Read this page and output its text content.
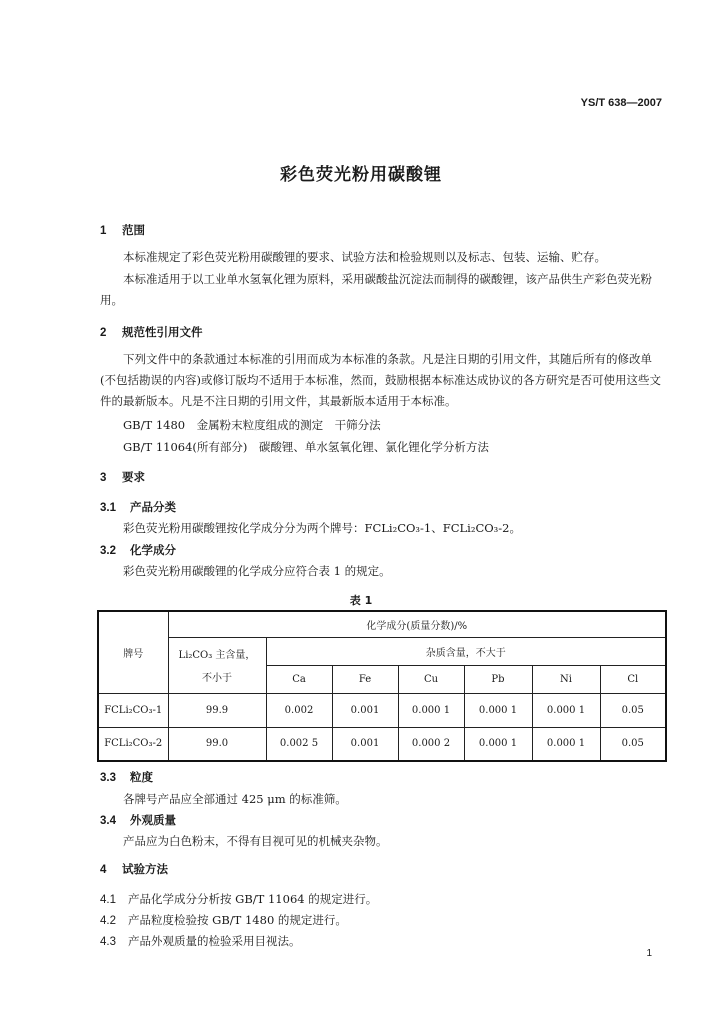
YS/T 638—2007
彩色荧光粉用碳酸锂
1 范围
本标准规定了彩色荧光粉用碳酸锂的要求、试验方法和检验规则以及标志、包装、运输、贮存。
本标准适用于以工业单水氢氧化锂为原料，采用碳酸盐沉淀法而制得的碳酸锂，该产品供生产彩色荧光粉用。
2 规范性引用文件
下列文件中的条款通过本标准的引用而成为本标准的条款。凡是注日期的引用文件，其随后所有的修改单(不包括勘误的内容)或修订版均不适用于本标准，然而，鼓励根据本标准达成协议的各方研究是否可使用这些文件的最新版本。凡是不注日期的引用文件，其最新版本适用于本标准。
GB/T 1480　金属粉末粒度组成的测定　干筛分法
GB/T 11064(所有部分)　碳酸锂、单水氢氧化锂、氯化锂化学分析方法
3 要求
3.1 产品分类
彩色荧光粉用碳酸锂按化学成分分为两个牌号：FCLi₂CO₃-1、FCLi₂CO₃-2。
3.2 化学成分
彩色荧光粉用碳酸锂的化学成分应符合表 1 的规定。
表 1
牌号	化学成分(质量分数)/%						

	Li₂CO₃ 主含量，
不小于	杂质含量，不大于					
		Ca	Fe	Cu	Pb	Ni	Cl
FCLi₂CO₃-1	99.9	0.002	0.001	0.000 1	0.000 1	0.000 1	0.05
FCLi₂CO₃-2	99.0	0.002 5	0.001	0.000 2	0.000 1	0.000 1	0.05
3.3 粒度
各牌号产品应全部通过 425 μm 的标准筛。
3.4 外观质量
产品应为白色粉末，不得有目视可见的机械夹杂物。
4 试验方法
4.1 产品化学成分分析按 GB/T 11064 的规定进行。
4.2 产品粒度检验按 GB/T 1480 的规定进行。
4.3 产品外观质量的检验采用目视法。
1
